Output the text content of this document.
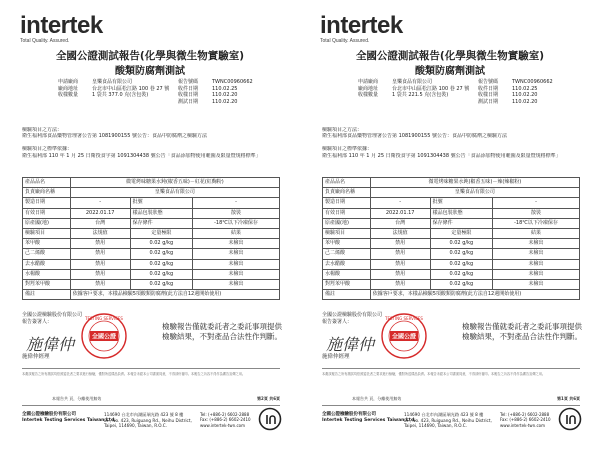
intertek
Total Quality. Assured.
全國公證測試報告(化學與微生物實驗室)
酸類防腐劑測試
申請廠商	皇樂食品有限公司	報告號碼	TWNC00960662
廠商地址	台北市中山區松江路 100 巷 27 號	收件日期	110.02.25
收樣數量	1 袋共 377.0 克(含包裝)	收樣日期	110.02.20
測試日期	110.02.20
檢驗項目之方法：
衛生福利部食品藥物管理署公告第 1081900155 號公告：食品中防腐劑之檢驗方法

檢驗項目之標準依據：
衛生福利部 110 年 1 月 25 日衛授食字第 1091304438 號公告「食品添加物使用範圍及限量暨規格標準」
產品品名	微電烤味糖果水鈍(椒香五味)－紅花(紅麴粉)		
負責廠商名稱	皇樂食品有限公司		
製造日期	-	批號	-
有效日期	2022.01.17	樣品包裝狀態	散裝
原產國(地)	台灣	保存條件	-18℃以下冷凍保存
檢驗項目	法規值	定量極限	結果
苯甲酸	禁用	0.02 g/kg	未檢出
己二烯酸	禁用	0.02 g/kg	未檢出
去水醋酸	禁用	0.02 g/kg	未檢出
水楊酸	禁用	0.02 g/kg	未檢出
對羥苯甲酸	禁用	0.02 g/kg	未檢出
備註	依據客戶要求，本樣品檢驗5項酸類防腐劑(此方法自12週開始使用)		
全國公證檢驗股份有限公司
報告簽署人：
施偉仲
TESTING SERVICES
全國公證
檢驗報告僅就委託者之委託事項提供
檢驗結果，不對產品合法性作判斷。
施偉仲經理
本測試報告之所有測試均依照委託者之要求進行檢驗，僅對所送樣品負責。本報告未經本公司書面同意，不得部份複印。本報告之內容不得作為廣告宣傳之用。
本報告共 頁，分離使用無效	第2頁 共6頁
全國公證檢驗股份有限公司
Intertek Testing Services Taiwan Ltd.
114690 台北市內湖區瑞光路 423 號 8 樓
8F., No. 423, Ruiguang Rd., Neihu District,
Taipei, 114690, Taiwan, R.O.C.
Tel: (+886-2) 6602-2888
Fax: (+886-2) 6602-2410
www.intertek-twn.com
intertek
Total Quality. Assured.
全國公證測試報告(化學與微生物實驗室)
酸類防腐劑測試
申請廠商	皇樂食品有限公司	報告號碼	TWNC00960662
廠商地址	台北市中山區松江路 100 巷 27 號	收件日期	110.02.25
收樣數量	1 袋共 221.5 克(含包裝)	收樣日期	110.02.20
測試日期	110.02.20
檢驗項目之方法：
衛生福利部食品藥物管理署公告第 1081900155 號公告：食品中防腐劑之檢驗方法

檢驗項目之標準依據：
衛生福利部 110 年 1 月 25 日衛授食字第 1091304438 號公告「食品添加物使用範圍及限量暨規格標準」
產品品名	微電烤味糖果水鈍(椒香五味)－辣(辣椒粉)		
負責廠商名稱	皇樂食品有限公司		
製造日期	-	批號	-
有效日期	2022.01.17	樣品包裝狀態	散裝
原產國(地)	台灣	保存條件	-18℃以下冷凍保存
檢驗項目	法規值	定量極限	結果
苯甲酸	禁用	0.02 g/kg	未檢出
己二烯酸	禁用	0.02 g/kg	未檢出
去水醋酸	禁用	0.02 g/kg	未檢出
水楊酸	禁用	0.02 g/kg	未檢出
對羥苯甲酸	禁用	0.02 g/kg	未檢出
備註	依據客戶要求，本樣品檢驗5項酸類防腐劑(此方法自12週開始使用)		
全國公證檢驗股份有限公司
報告簽署人：
施偉仲
TESTING SERVICES
全國公證
檢驗報告僅就委託者之委託事項提供
檢驗結果，不對產品合法性作判斷。
施偉仲經理
本測試報告之所有測試均依照委託者之要求進行檢驗，僅對所送樣品負責。本報告未經本公司書面同意，不得部份複印。本報告之內容不得作為廣告宣傳之用。
本報告共 頁，分離使用無效	第1頁 共6頁
全國公證檢驗股份有限公司
Intertek Testing Services Taiwan Ltd.
114690 台北市內湖區瑞光路 423 號 8 樓
8F., No. 423, Ruiguang Rd., Neihu District,
Taipei, 114690, Taiwan, R.O.C.
Tel: (+886-2) 6602-2888
Fax: (+886-2) 6602-2410
www.intertek-twn.com
